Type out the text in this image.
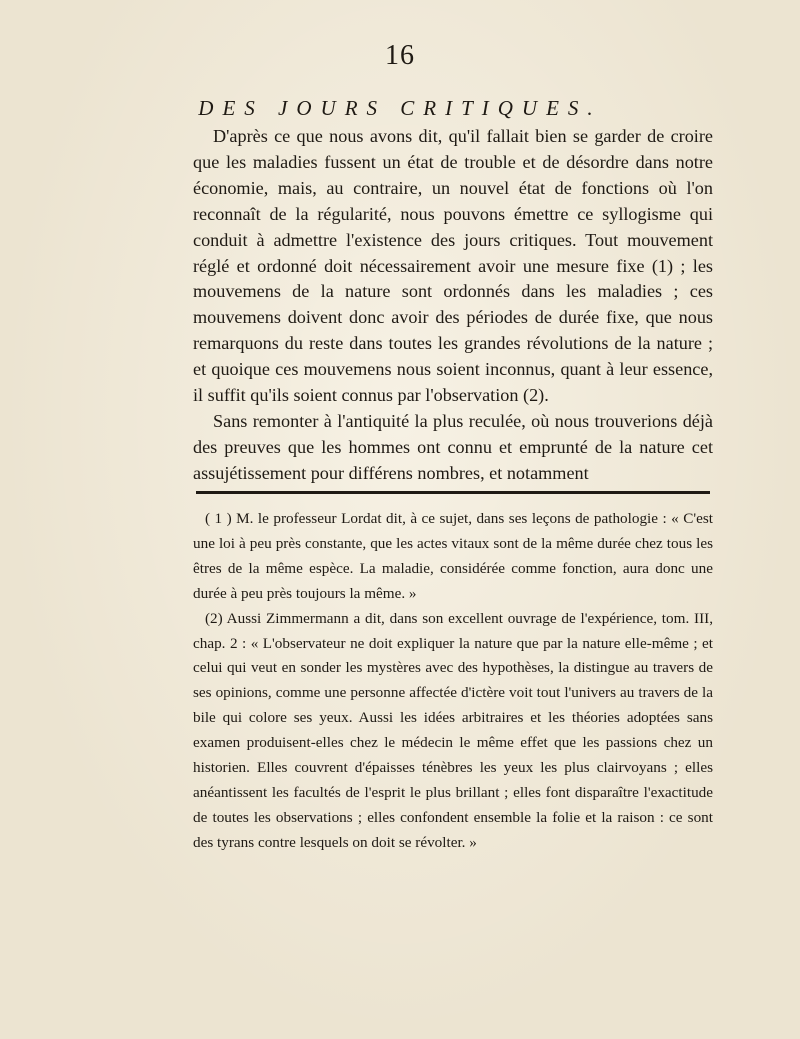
16
DES JOURS CRITIQUES.

D'après ce que nous avons dit, qu'il fallait bien se garder de croire que les maladies fussent un état de trouble et de désordre dans notre économie, mais, au contraire, un nouvel état de fonctions où l'on reconnaît de la régularité, nous pouvons émettre ce syllogisme qui conduit à admettre l'existence des jours critiques. Tout mouvement réglé et ordonné doit nécessairement avoir une mesure fixe (1) ; les mouvemens de la nature sont ordonnés dans les maladies ; ces mouvemens doivent donc avoir des périodes de durée fixe, que nous remarquons du reste dans toutes les grandes révolutions de la nature ; et quoique ces mouvemens nous soient inconnus, quant à leur essence, il suffit qu'ils soient connus par l'observation (2).

Sans remonter à l'antiquité la plus reculée, où nous trouverions déjà des preuves que les hommes ont connu et emprunté de la nature cet assujétissement pour différens nombres, et notamment

( 1 ) M. le professeur Lordat dit, à ce sujet, dans ses leçons de pathologie : « C'est une loi à peu près constante, que les actes vitaux sont de la même durée chez tous les êtres de la même espèce. La maladie, considérée comme fonction, aura donc une durée à peu près toujours la même. »

(2) Aussi Zimmermann a dit, dans son excellent ouvrage de l'expérience, tom. III, chap. 2 : « L'observateur ne doit expliquer la nature que par la nature elle-même ; et celui qui veut en sonder les mystères avec des hypothèses, la distingue au travers de ses opinions, comme une personne affectée d'ictère voit tout l'univers au travers de la bile qui colore ses yeux. Aussi les idées arbitraires et les théories adoptées sans examen produisent-elles chez le médecin le même effet que les passions chez un historien. Elles couvrent d'épaisses ténèbres les yeux les plus clairvoyans ; elles anéantissent les facultés de l'esprit le plus brillant ; elles font disparaître l'exactitude de toutes les observations ; elles confondent ensemble la folie et la raison : ce sont des tyrans contre lesquels on doit se révolter. »
